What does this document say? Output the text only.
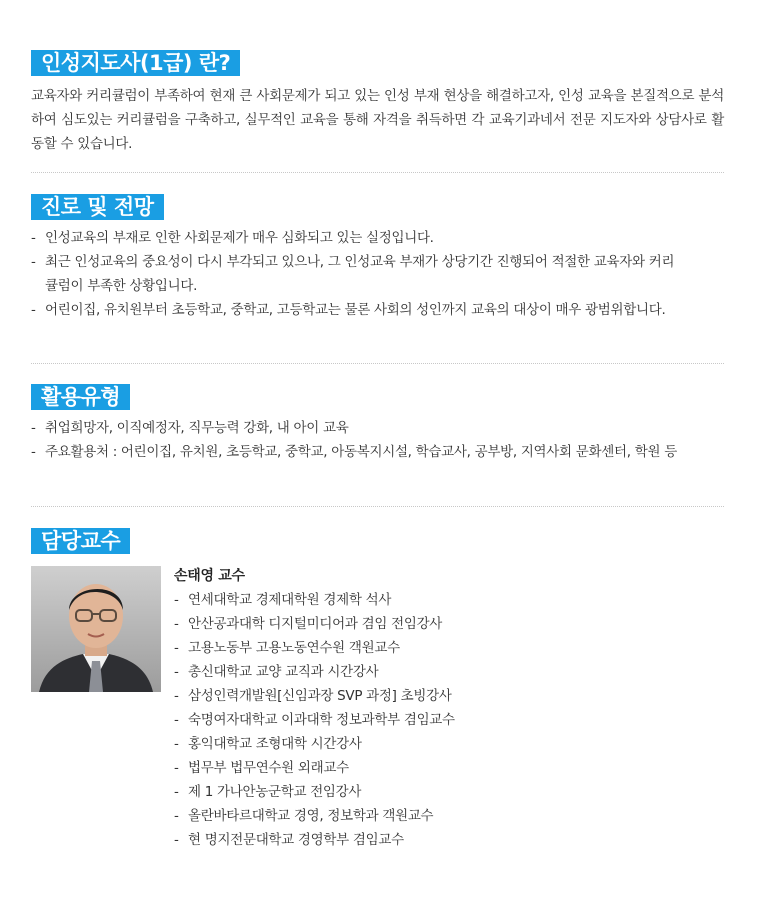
인성지도사(1급) 란?

교육자와 커리큘럼이 부족하여 현재 큰 사회문제가 되고 있는 인성 부재 현상을 해결하고자, 인성 교육을 본질적으로 분석하여 심도있는 커리큘럼을 구축하고, 실무적인 교육을 통해 자격을 취득하면 각 교육기과네서 전문 지도자와 상담사로 활동할 수 있습니다.

진로 및 전망
- 인성교육의 부재로 인한 사회문제가 매우 심화되고 있는 실정입니다.
- 최근 인성교육의 중요성이 다시 부각되고 있으나, 그 인성교육 부재가 상당기간 진행되어 적절한 교육자와 커리큘럼이 부족한 상황입니다.
- 어린이집, 유치원부터 초등학교, 중학교, 고등학교는 물론 사회의 성인까지 교육의 대상이 매우 광범위합니다.
활용유형
- 취업희망자, 이직예정자, 직무능력 강화, 내 아이 교육
- 주요활용처 : 어린이집, 유치원, 초등학교, 중학교, 아동복지시설, 학습교사, 공부방, 지역사회 문화센터, 학원 등
담당교수
손태영 교수
- 연세대학교 경제대학원 경제학 석사
- 안산공과대학 디지털미디어과 겸임 전임강사
- 고용노동부 고용노동연수원 객원교수
- 총신대학교 교양 교직과 시간강사
- 삼성인력개발원[신임과장 SVP 과정] 초빙강사
- 숙명여자대학교 이과대학 정보과학부 겸임교수
- 홍익대학교 조형대학 시간강사
- 법무부 법무연수원 외래교수
- 제 1 가나안농군학교 전임강사
- 올란바타르대학교 경영, 정보학과 객원교수
- 현 명지전문대학교 경영학부 겸임교수
